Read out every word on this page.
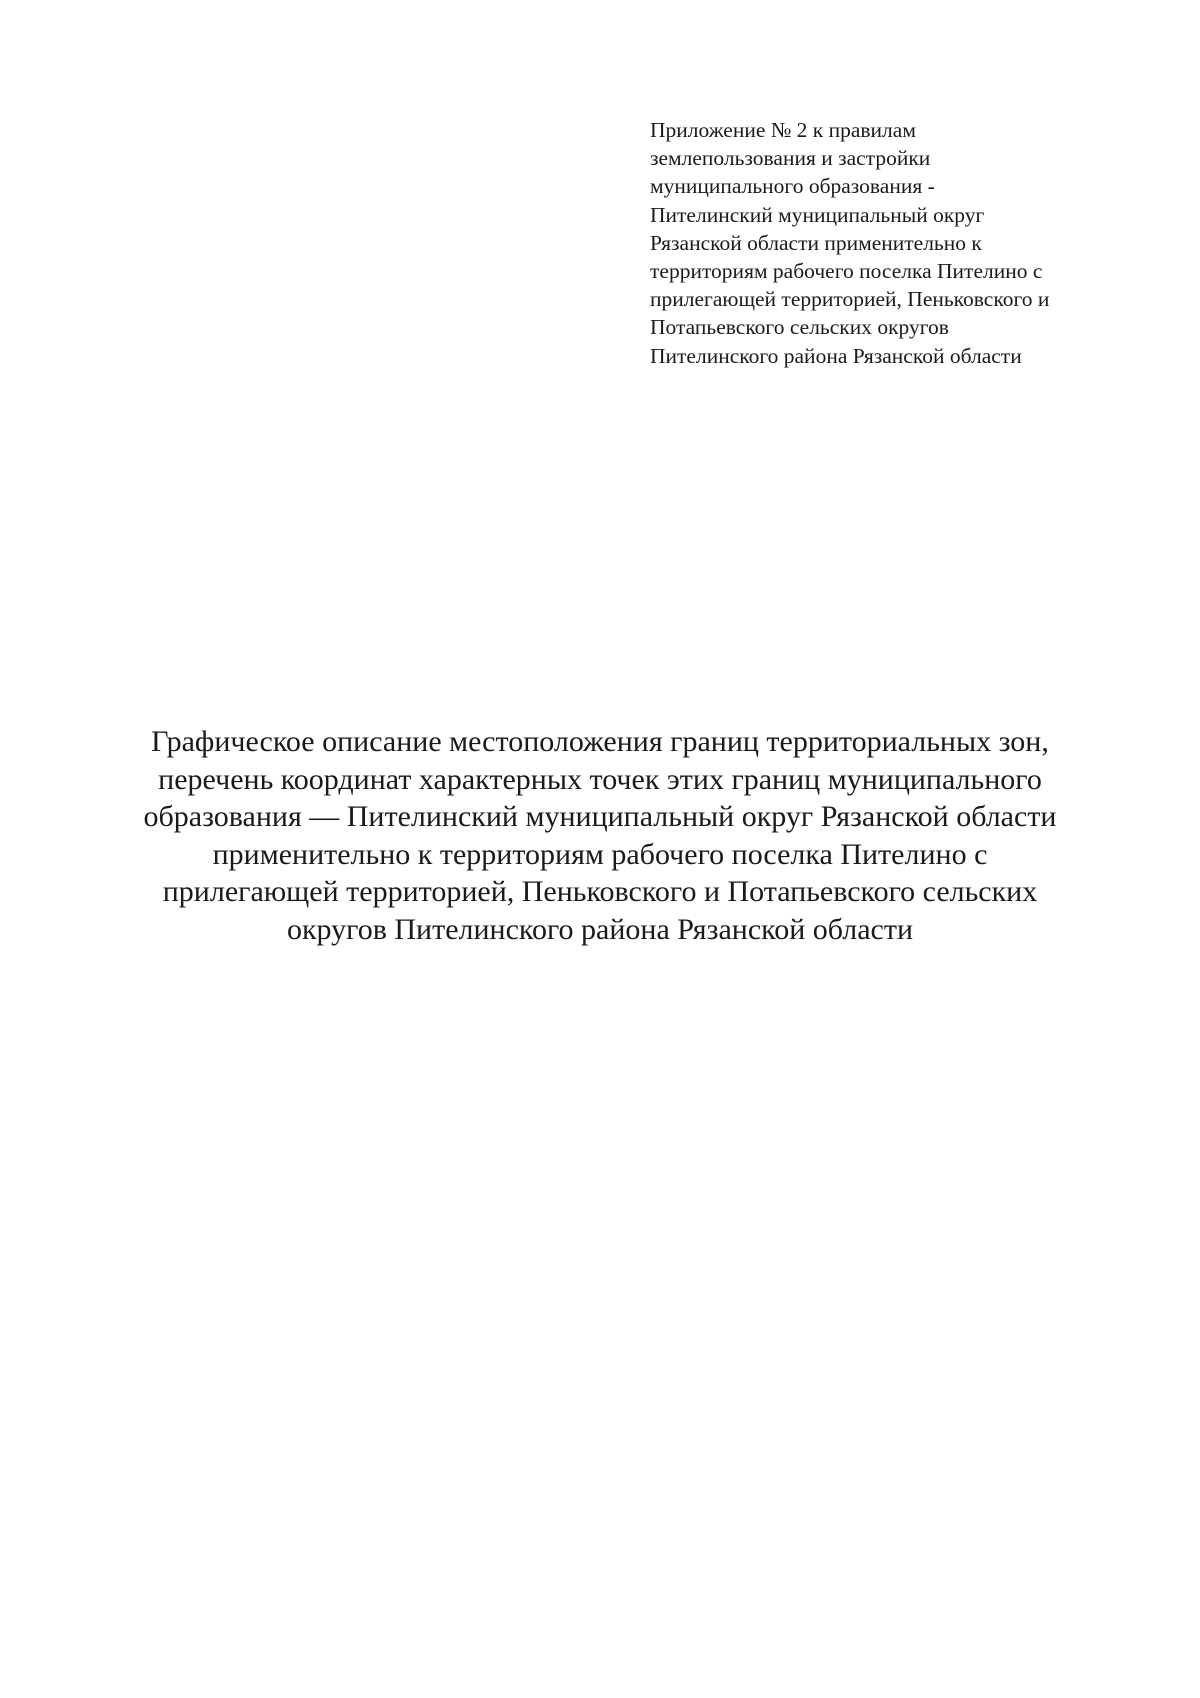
Приложение № 2 к правилам
землепользования и застройки
муниципального образования -
Пителинский муниципальный округ
Рязанской области применительно к
территориям рабочего поселка Пителино с
прилегающей территорией, Пеньковского и
Потапьевского сельских округов
Пителинского района Рязанской области
Графическое описание местоположения границ территориальных зон,
перечень координат характерных точек этих границ муниципального
образования — Пителинский муниципальный округ Рязанской области
применительно к территориям рабочего поселка Пителино с
прилегающей территорией, Пеньковского и Потапьевского сельских
округов Пителинского района Рязанской области
